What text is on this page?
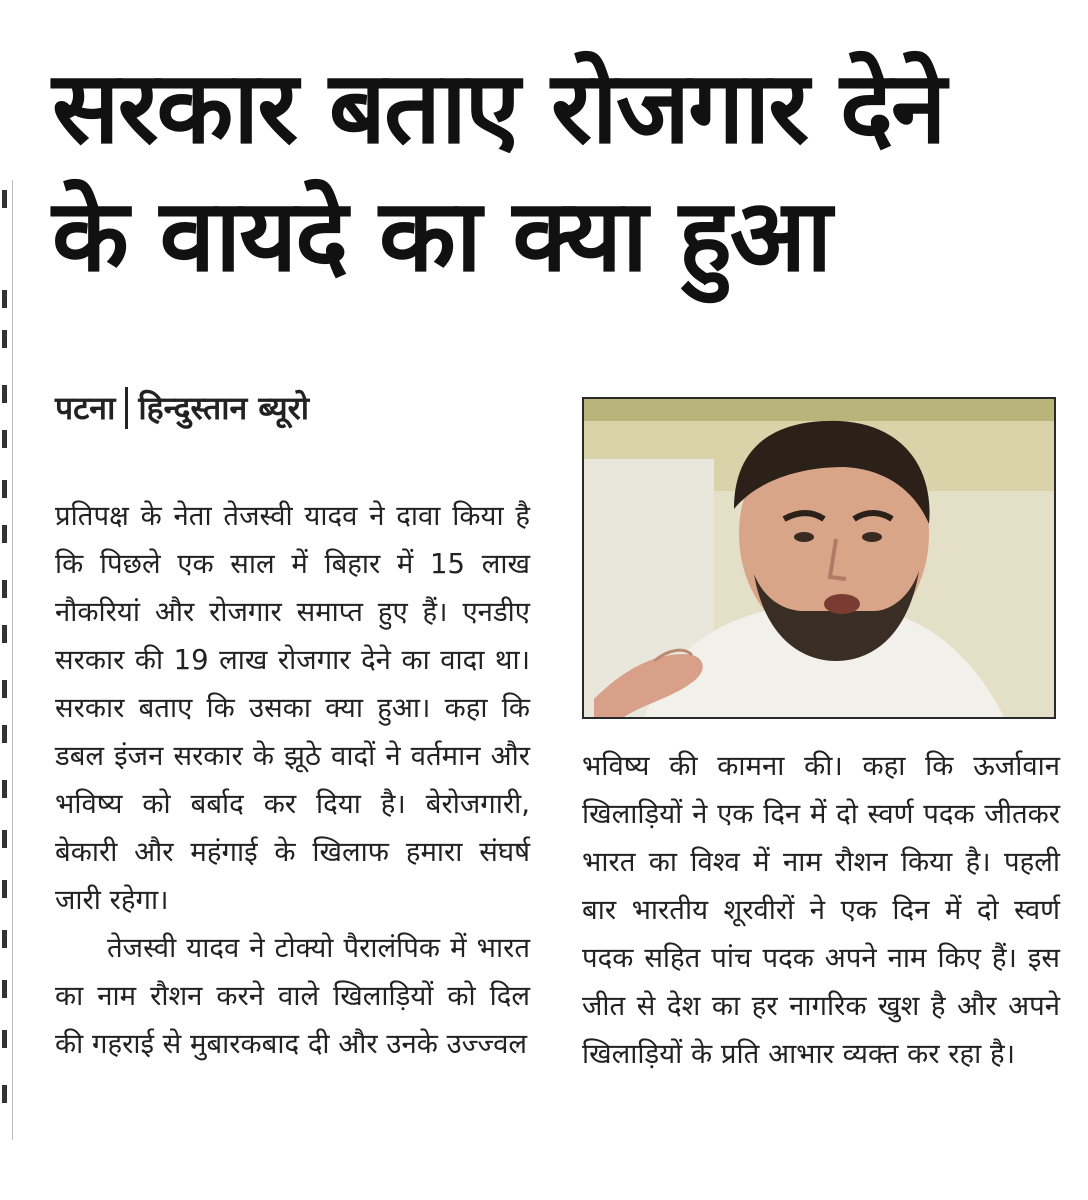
सरकार बताए रोजगार देने
के वायदे का क्या हुआ
पटना हिन्दुस्तान ब्यूरो

प्रतिपक्ष के नेता तेजस्वी यादव ने दावा किया है कि पिछले एक साल में बिहार में 15 लाख नौकरियां और रोजगार समाप्त हुए हैं। एनडीए सरकार की 19 लाख रोजगार देने का वादा था। सरकार बताए कि उसका क्या हुआ। कहा कि डबल इंजन सरकार के झूठे वादों ने वर्तमान और भविष्य को बर्बाद कर दिया है। बेरोजगारी, बेकारी और महंगाई के खिलाफ हमारा संघर्ष जारी रहेगा।

तेजस्वी यादव ने टोक्यो पैरालंपिक में भारत का नाम रौशन करने वाले खिलाड़ियों को दिल की गहराई से मुबारकबाद दी और उनके उज्ज्वल

भविष्य की कामना की। कहा कि ऊर्जावान खिलाड़ियों ने एक दिन में दो स्वर्ण पदक जीतकर भारत का विश्व में नाम रौशन किया है। पहली बार भारतीय शूरवीरों ने एक दिन में दो स्वर्ण पदक सहित पांच पदक अपने नाम किए हैं। इस जीत से देश का हर नागरिक खुश है और अपने खिलाड़ियों के प्रति आभार व्यक्त कर रहा है।
